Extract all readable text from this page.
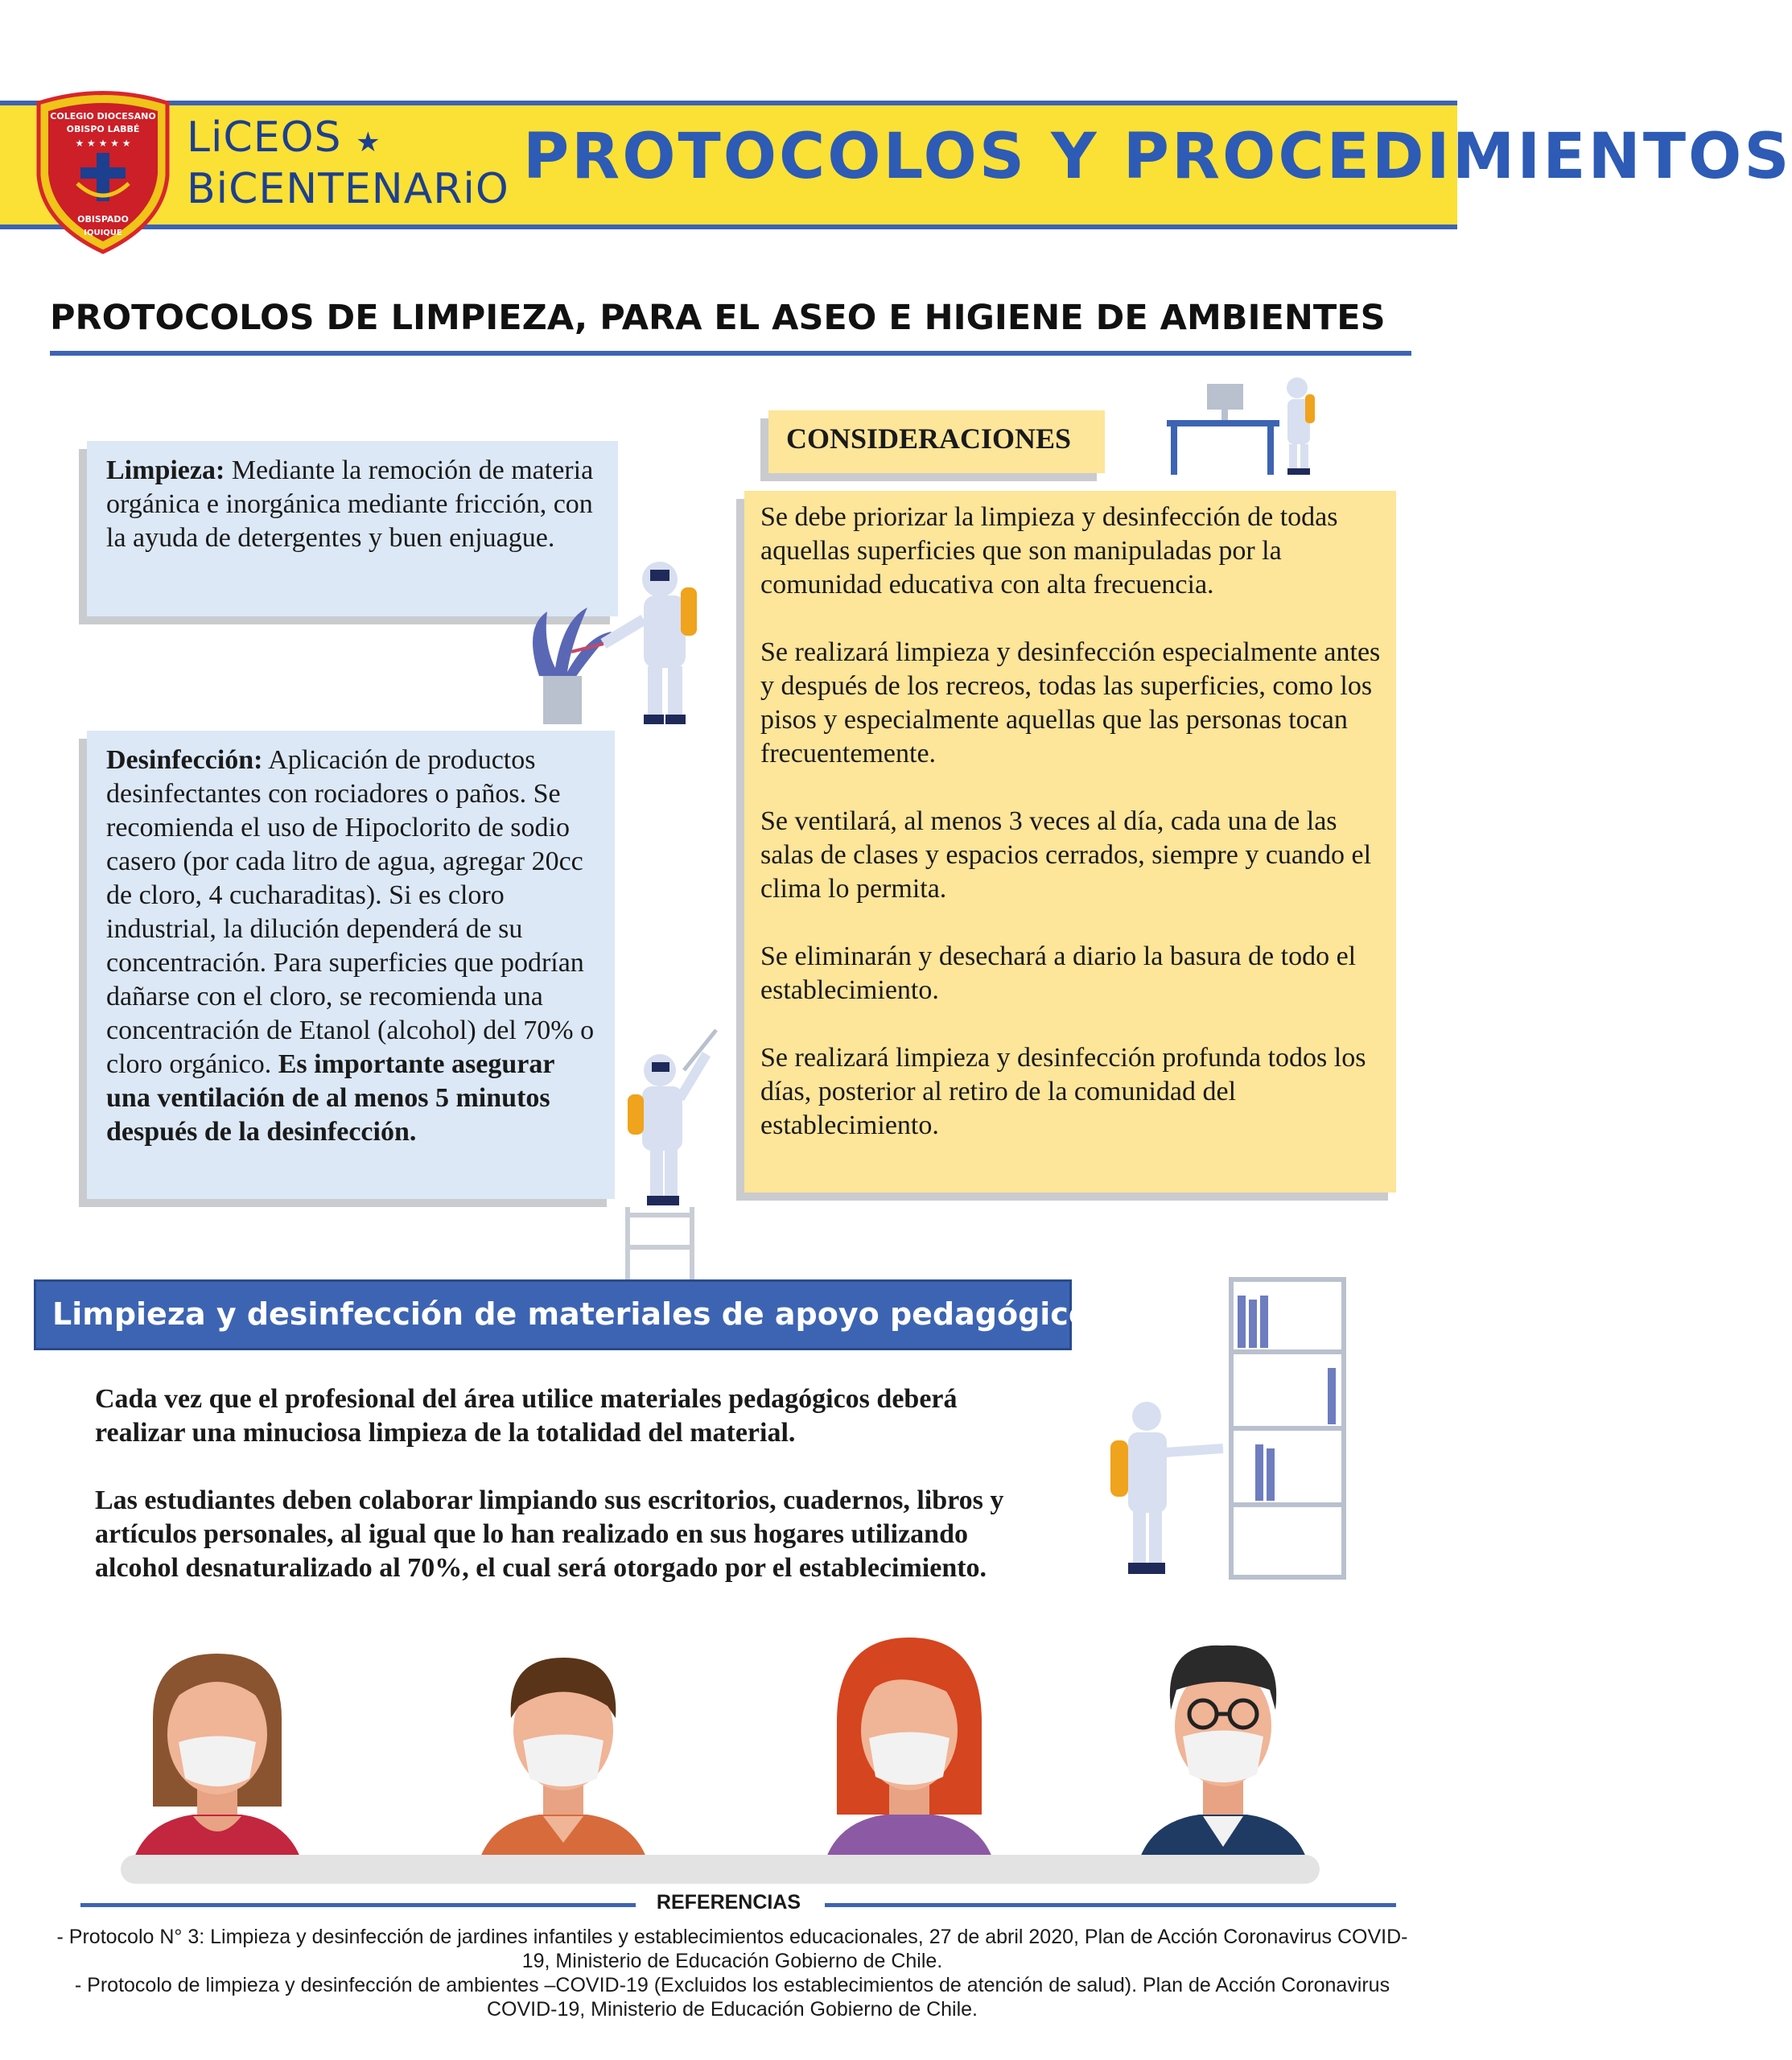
COLEGIO DIOCESANO
OBISPO LABBÉ
★ ★ ★ ★ ★
OBISPADO
IQUIQUE
LiCEOS ★
BiCENTENARiO PROTOCOLOS Y PROCEDIMIENTOS
PROTOCOLOS DE LIMPIEZA, PARA EL ASEO E HIGIENE DE AMBIENTES
Limpieza: Mediante la remoción de materia orgánica e inorgánica mediante fricción, con la ayuda de detergentes y buen enjuague.
Desinfección: Aplicación de productos desinfectantes con rociadores o paños. Se recomienda el uso de Hipoclorito de sodio casero (por cada litro de agua, agregar 20cc de cloro, 4 cucharaditas). Si es cloro industrial, la dilución dependerá de su concentración. Para superficies que podrían dañarse con el cloro, se recomienda una concentración de Etanol (alcohol) del 70% o cloro orgánico. Es importante asegurar una ventilación de al menos 5 minutos después de la desinfección.
CONSIDERACIONES

Se debe priorizar la limpieza y desinfección de todas aquellas superficies que son manipuladas por la comunidad educativa con alta frecuencia.

Se realizará limpieza y desinfección especialmente antes y después de los recreos, todas las superficies, como los pisos y especialmente aquellas que las personas tocan frecuentemente.

Se ventilará, al menos 3 veces al día, cada una de las salas de clases y espacios cerrados, siempre y cuando el clima lo permita.

Se eliminarán y desechará a diario la basura de todo el establecimiento.

Se realizará limpieza y desinfección profunda todos los días, posterior al retiro de la comunidad del establecimiento.

Limpieza y desinfección de materiales de apoyo pedagógico:

Cada vez que el profesional del área utilice materiales pedagógicos deberá realizar una minuciosa limpieza de la totalidad del material.

Las estudiantes deben colaborar limpiando sus escritorios, cuadernos, libros y artículos personales, al igual que lo han realizado en sus hogares utilizando alcohol desnaturalizado al 70%, el cual será otorgado por el establecimiento.

REFERENCIAS
- Protocolo N° 3: Limpieza y desinfección de jardines infantiles y establecimientos educacionales, 27 de abril 2020, Plan de Acción Coronavirus COVID-19, Ministerio de Educación Gobierno de Chile.
- Protocolo de limpieza y desinfección de ambientes –COVID-19 (Excluidos los establecimientos de atención de salud). Plan de Acción Coronavirus COVID-19, Ministerio de Educación Gobierno de Chile.
